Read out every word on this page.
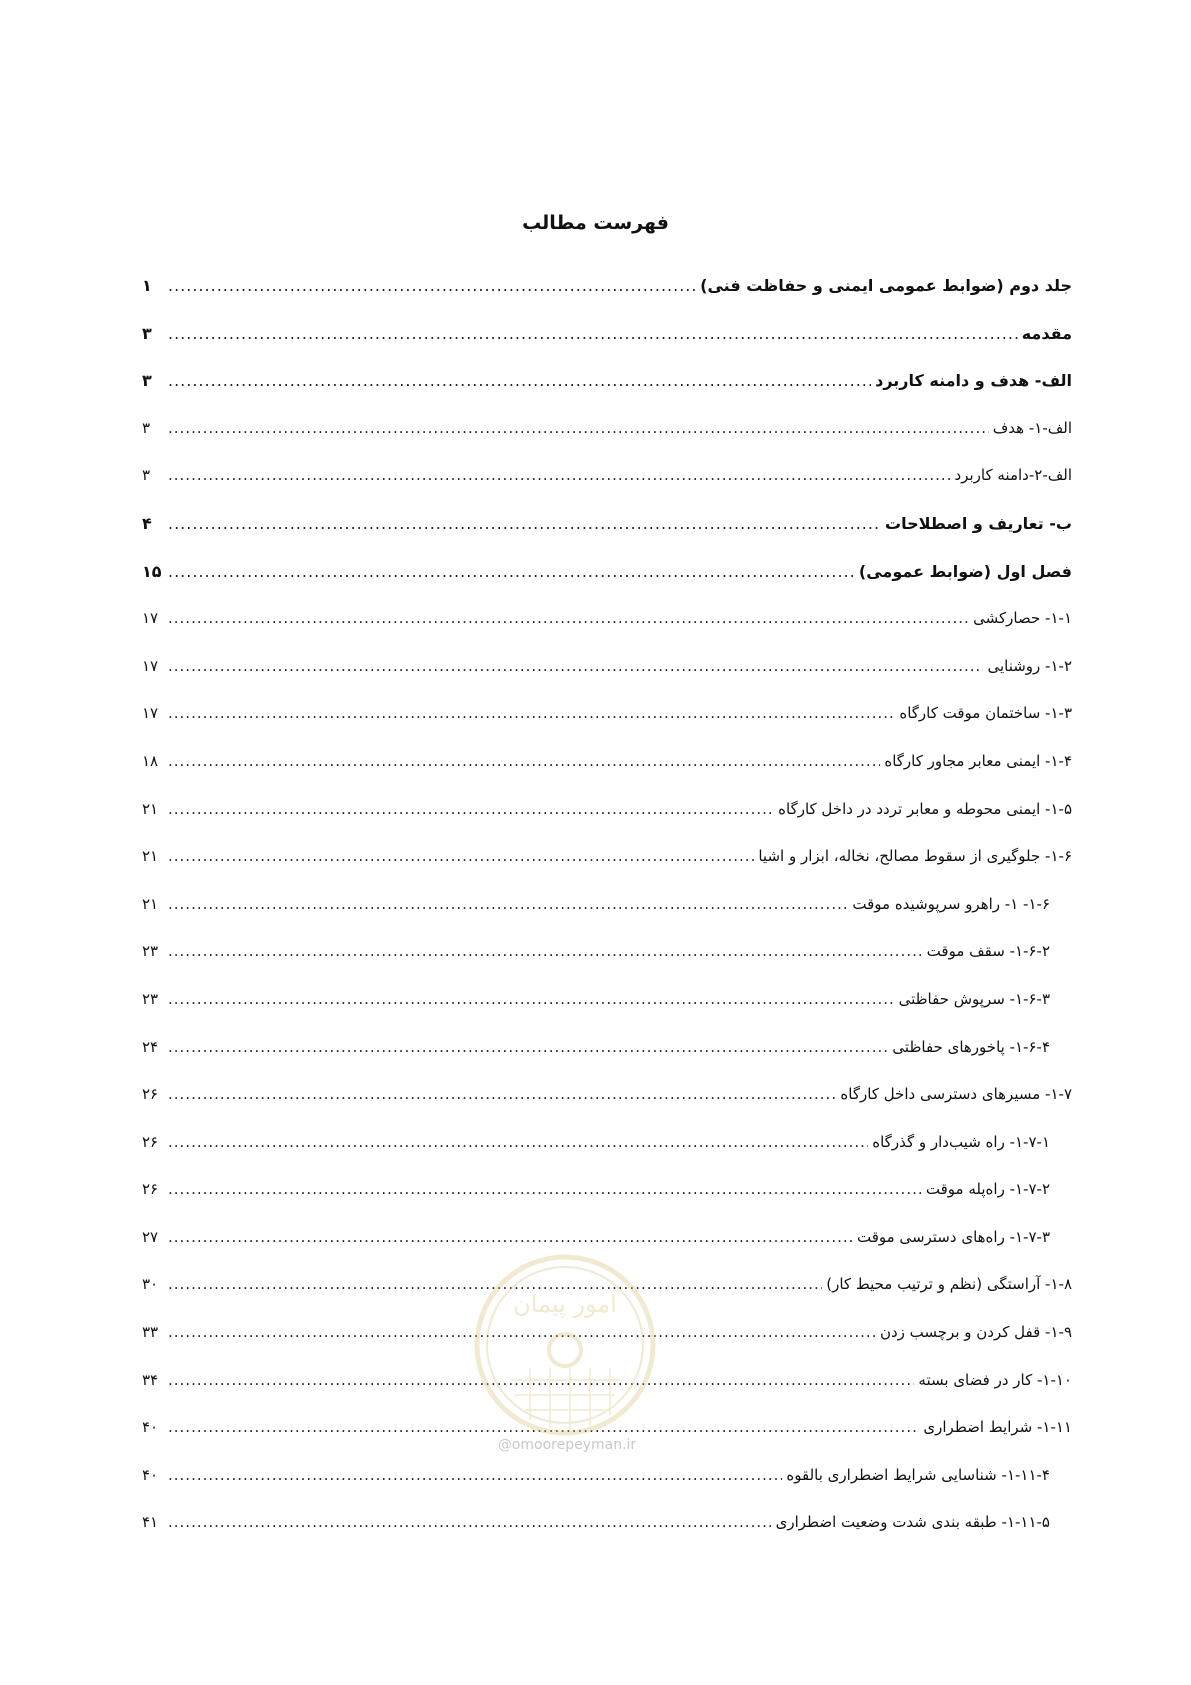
فهرست مطالب
جلد دوم (ضوابط عمومی ایمنی و حفاظت فنی)
.....
۱
مقدمه
.....
۳
الف- هدف و دامنه کاربرد
.....
۳
الف-۱- هدف
.....
۳
الف-۲-دامنه کاربرد
.....
۳
ب- تعاریف و اصطلاحات
.....
۴
فصل اول (ضوابط عمومی)
.....
۱۵
۱-۱- حصارکشی
.....
۱۷
۱-۲- روشنایی
.....
۱۷
۱-۳- ساختمان موقت کارگاه
.....
۱۷
۱-۴- ایمنی معابر مجاور کارگاه
.....
۱۸
۱-۵- ایمنی محوطه و معابر تردد در داخل کارگاه
.....
۲۱
۱-۶- جلوگیری از سقوط مصالح، نخاله، ابزار و اشیا
.....
۲۱
۱-۶- ۱- راهرو سرپوشیده موقت
.....
۲۱
۱-۶-۲- سقف موقت
.....
۲۳
۱-۶-۳- سرپوش حفاظتی
.....
۲۳
۱-۶-۴- پاخورهای حفاظتی
.....
۲۴
۱-۷- مسیرهای دسترسی داخل کارگاه
.....
۲۶
۱-۷-۱- راه شیب‌دار و گذرگاه
.....
۲۶
۱-۷-۲- راه‌پله موقت
.....
۲۶
۱-۷-۳- راه‌های دسترسی موقت
.....
۲۷
۱-۸- آراستگی (نظم و ترتیب محیط کار)
.....
۳۰
۱-۹- قفل کردن و برچسب زدن
.....
۳۳
۱-۱۰- کار در فضای بسته
.....
۳۴
۱-۱۱- شرایط اضطراری
.....
۴۰
۱-۱۱-۴- شناسایی شرایط اضطراری بالقوه
.....
۴۰
۱-۱۱-۵- طبقه بندی شدت وضعیت اضطراری
.....
۴۱
امور پیمان
@omoorepeyman.ir
